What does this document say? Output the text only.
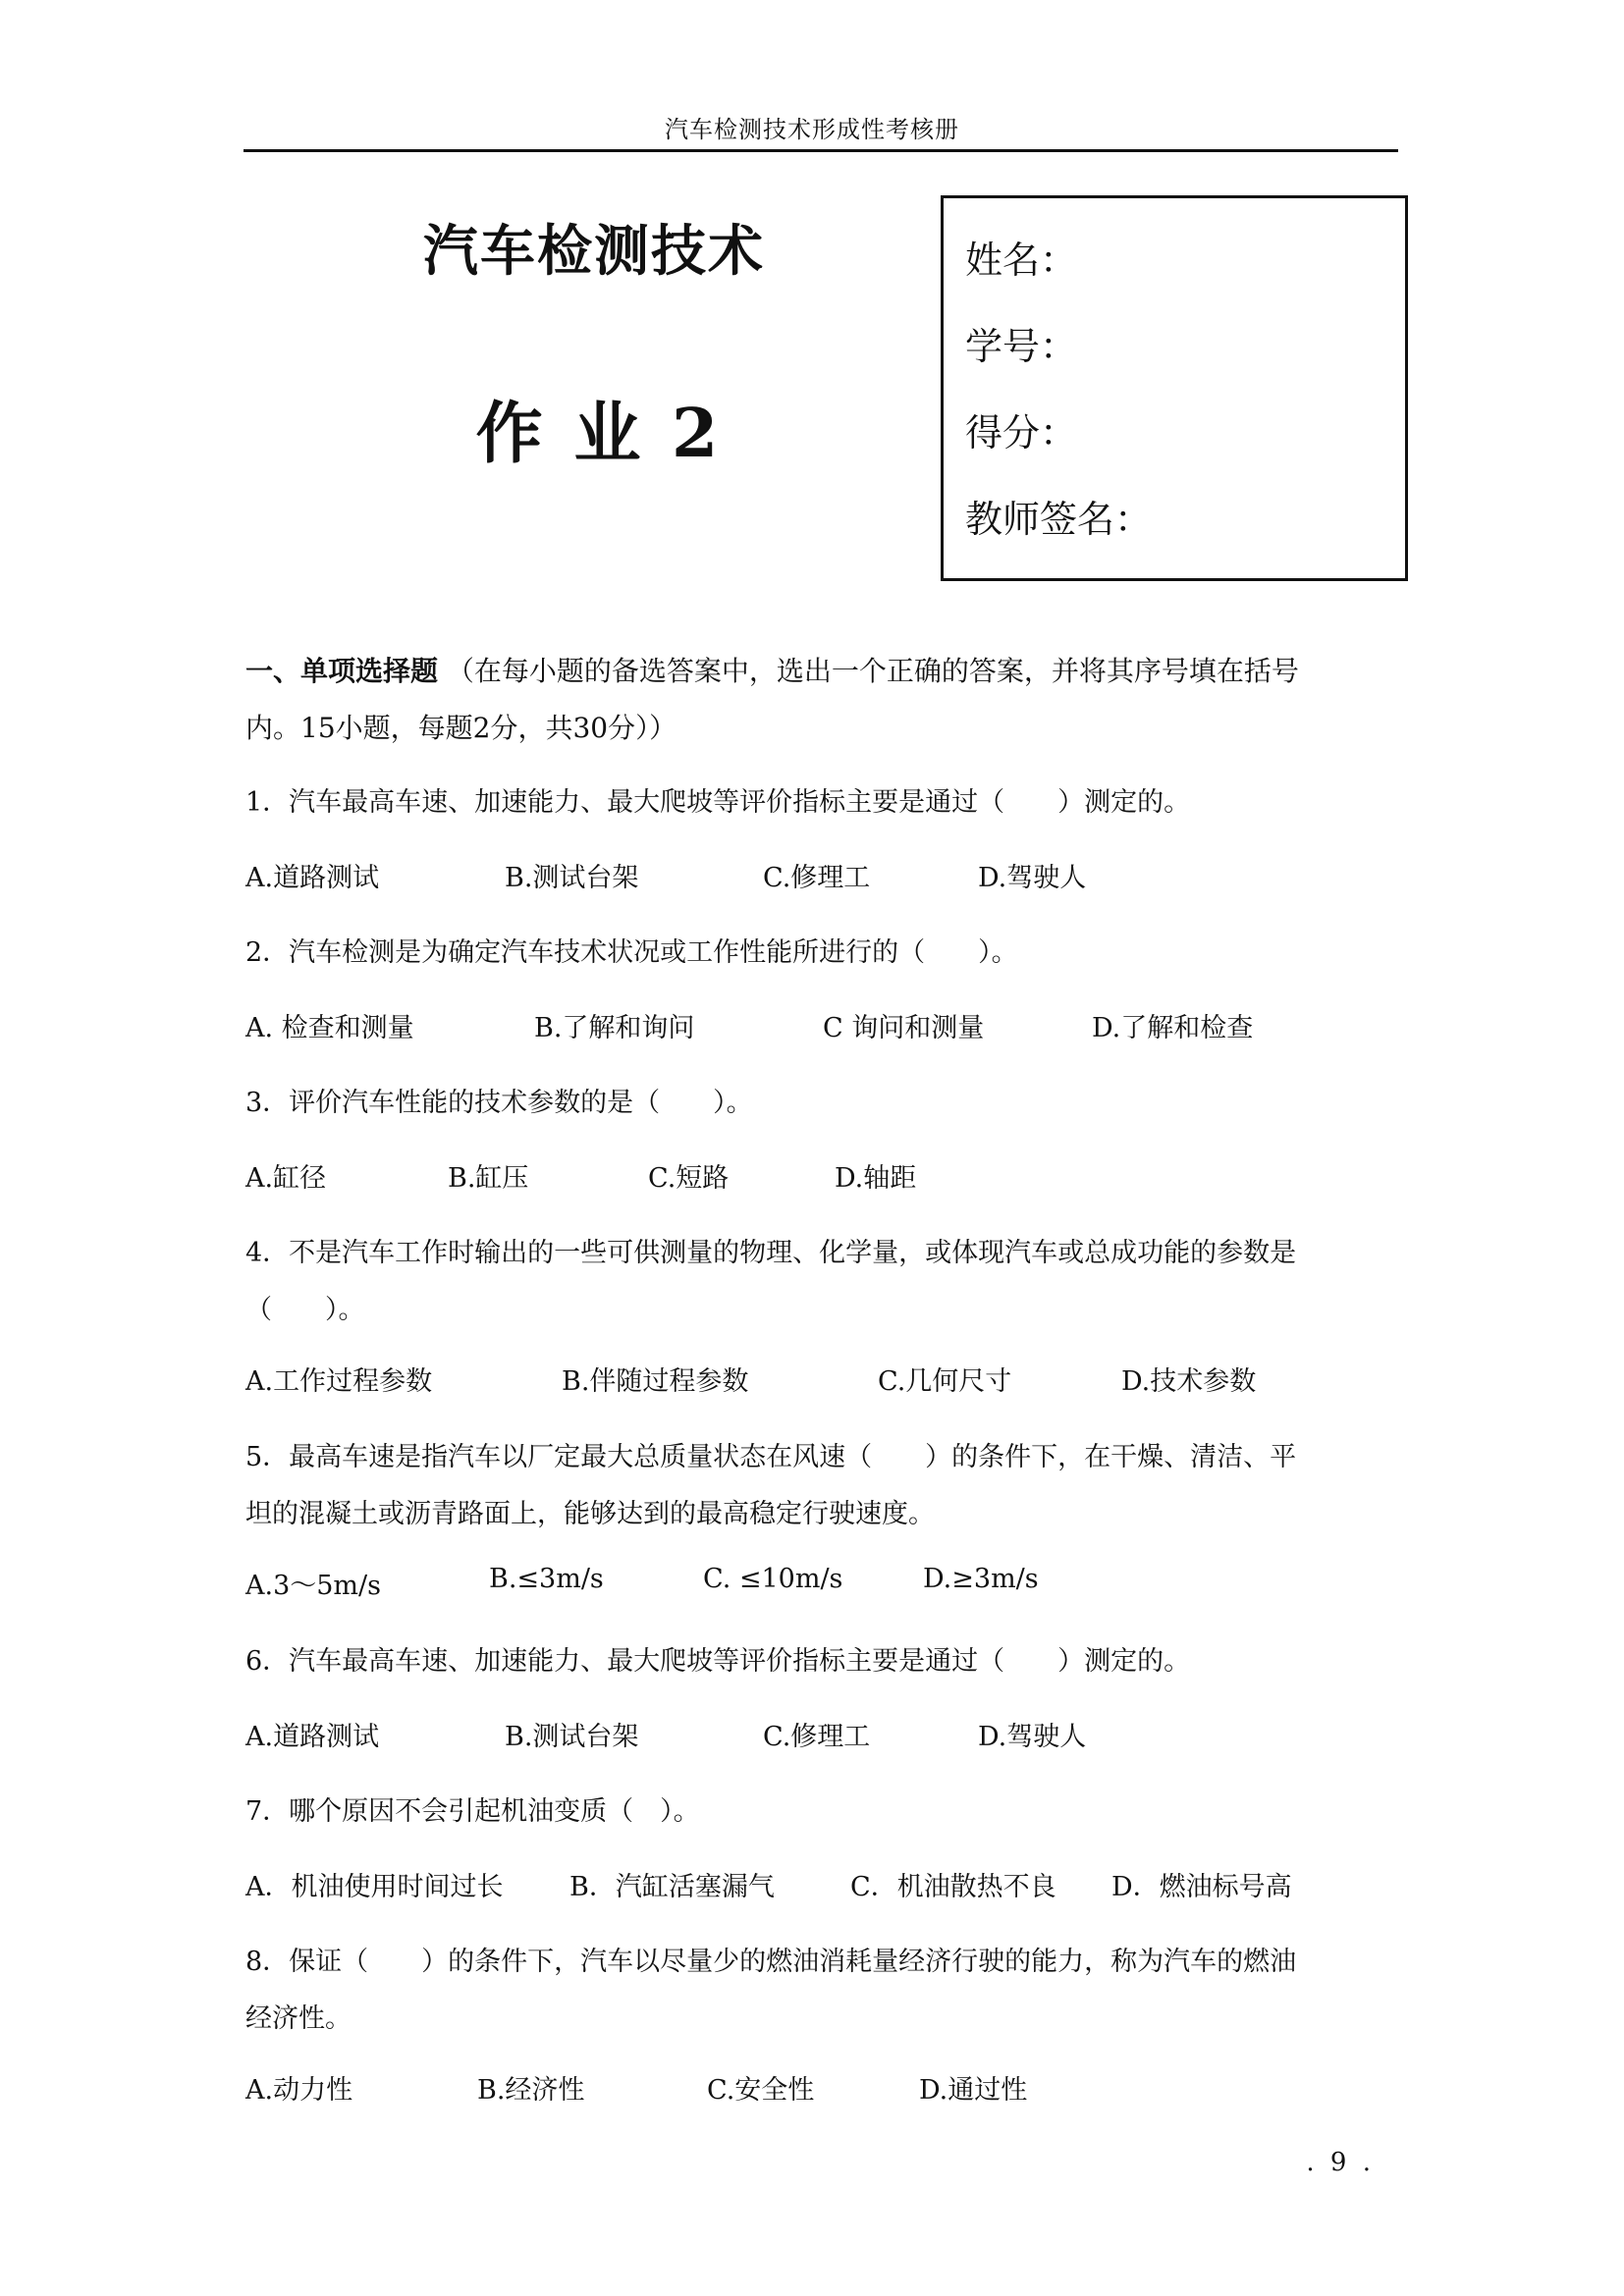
汽车检测技术形成性考核册
汽车检测技术
作 业 2
姓名：
学号：
得分：
教师签名：
一、单项选择题 （在每小题的备选答案中，选出一个正确的答案，并将其序号填在括号
内。15小题，每题2分，共30分））
1．汽车最高车速、加速能力、最大爬坡等评价指标主要是通过（　　）测定的。
A.道路测试	B.测试台架	C.修理工	D.驾驶人
2．汽车检测是为确定汽车技术状况或工作性能所进行的（　　）。
A. 检查和测量	B.了解和询问	C 询问和测量	D.了解和检查
3．评价汽车性能的技术参数的是（　　）。
A.缸径	B.缸压	C.短路	D.轴距
4．不是汽车工作时输出的一些可供测量的物理、化学量，或体现汽车或总成功能的参数是
（　　）。
A.工作过程参数	B.伴随过程参数	C.几何尺寸	D.技术参数
5．最高车速是指汽车以厂定最大总质量状态在风速（　　）的条件下，在干燥、清洁、平
坦的混凝土或沥青路面上，能够达到的最高稳定行驶速度。
A.3～5m/s	B.≤3m/s	C. ≤10m/s	D.≥3m/s
6．汽车最高车速、加速能力、最大爬坡等评价指标主要是通过（　　）测定的。
A.道路测试	B.测试台架	C.修理工	D.驾驶人
7．哪个原因不会引起机油变质（　）。
A．机油使用时间过长	B．汽缸活塞漏气	C．机油散热不良 D．燃油标号高
8．保证（　　）的条件下，汽车以尽量少的燃油消耗量经济行驶的能力，称为汽车的燃油
经济性。
A.动力性	B.经济性	C.安全性	D.通过性
. 9 .
